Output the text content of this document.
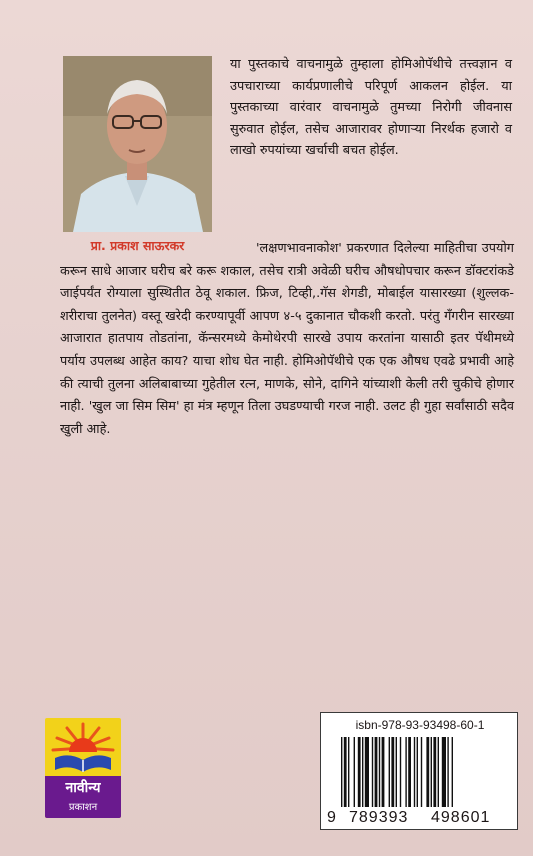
प्रा. प्रकाश साऊरकर

या पुस्तकाचे वाचनामुळे तुम्हाला होमिओपॅथीचे तत्त्वज्ञान व उपचाराच्या कार्यप्रणालीचे परिपूर्ण आकलन होईल. या पुस्तकाच्या वारंवार वाचनामुळे तुमच्या निरोगी जीवनास सुरुवात होईल, तसेच आजारावर होणाऱ्या निरर्थक हजारो व लाखो रुपयांच्या खर्चाची बचत होईल.

'लक्षणभावनाकोश' प्रकरणात दिलेल्या माहितीचा उपयोग करून साधे आजार घरीच बरे करू शकाल, तसेच रात्री अवेळी घरीच औषधोपचार करून डॉक्टरांकडे जाईपर्यंत रोग्याला सुस्थितीत ठेवू शकाल. फ्रिज, टिव्ही,.गॅस शेगडी, मोबाईल यासारख्या (शुल्लक-शरीराचा तुलनेत) वस्तू खरेदी करण्यापूर्वी आपण ४-५ दुकानात चौकशी करतो. परंतु गॅंगरीन सारख्या आजारात हातपाय तोडतांना, कॅन्सरमध्ये केमोथेरपी सारखे उपाय करतांना यासाठी इतर पॅथीमध्ये पर्याय उपलब्ध आहेत काय? याचा शोध घेत नाही. होमिओपॅथीचे एक एक औषध एवढे प्रभावी आहे की त्याची तुलना अलिबाबाच्या गुहेतील रत्न, माणके, सोने, दागिने यांच्याशी केली तरी चुकीचे होणार नाही. 'खुल जा सिम सिम' हा मंत्र म्हणून तिला उघडण्याची गरज नाही. उलट ही गुहा सर्वांसाठी सदैव खुली आहे.

नावीन्य
प्रकाशन
isbn-978-93-93498-60-1
9 789393 498601
